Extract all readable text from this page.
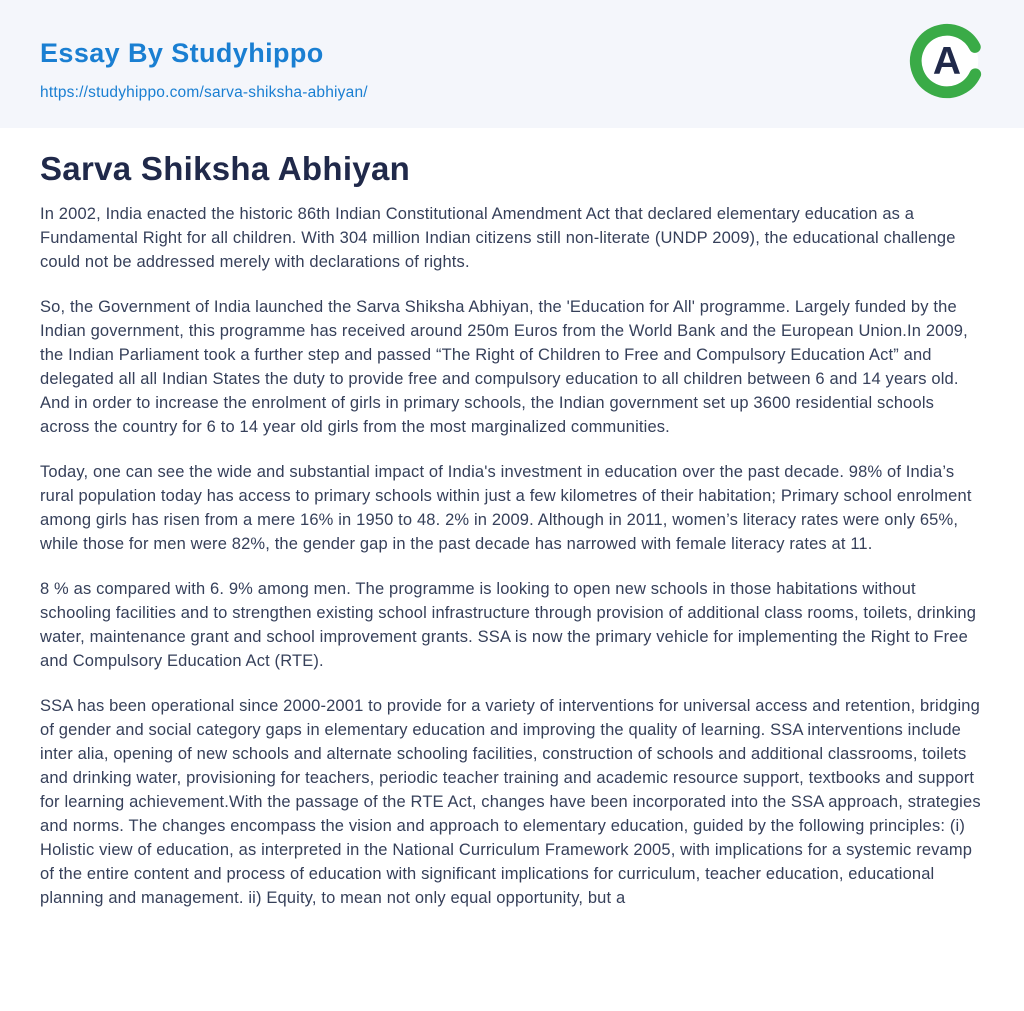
Essay By Studyhippo
https://studyhippo.com/sarva-shiksha-abhiyan/
A
Sarva Shiksha Abhiyan

In 2002, India enacted the historic 86th Indian Constitutional Amendment Act that declared elementary education as a Fundamental Right for all children. With 304 million Indian citizens still non-literate (UNDP 2009), the educational challenge could not be addressed merely with declarations of rights.

So, the Government of India launched the Sarva Shiksha Abhiyan, the 'Education for All' programme. Largely funded by the Indian government, this programme has received around 250m Euros from the World Bank and the European Union.In 2009, the Indian Parliament took a further step and passed “The Right of Children to Free and Compulsory Education Act” and delegated all all Indian States the duty to provide free and compulsory education to all children between 6 and 14 years old. And in order to increase the enrolment of girls in primary schools, the Indian government set up 3600 residential schools across the country for 6 to 14 year old girls from the most marginalized communities.

Today, one can see the wide and substantial impact of India's investment in education over the past decade. 98% of India’s rural population today has access to primary schools within just a few kilometres of their habitation; Primary school enrolment among girls has risen from a mere 16% in 1950 to 48. 2% in 2009. Although in 2011, women’s literacy rates were only 65%, while those for men were 82%, the gender gap in the past decade has narrowed with female literacy rates at 11.

8 % as compared with 6. 9% among men. The programme is looking to open new schools in those habitations without schooling facilities and to strengthen existing school infrastructure through provision of additional class rooms, toilets, drinking water, maintenance grant and school improvement grants. SSA is now the primary vehicle for implementing the Right to Free and Compulsory Education Act (RTE).

SSA has been operational since 2000-2001 to provide for a variety of interventions for universal access and retention, bridging of gender and social category gaps in elementary education and improving the quality of learning. SSA interventions include inter alia, opening of new schools and alternate schooling facilities, construction of schools and additional classrooms, toilets and drinking water, provisioning for teachers, periodic teacher training and academic resource support, textbooks and support for learning achievement.With the passage of the RTE Act, changes have been incorporated into the SSA approach, strategies and norms. The changes encompass the vision and approach to elementary education, guided by the following principles: (i) Holistic view of education, as interpreted in the National Curriculum Framework 2005, with implications for a systemic revamp of the entire content and process of education with significant implications for curriculum, teacher education, educational planning and management. ii) Equity, to mean not only equal opportunity, but a
